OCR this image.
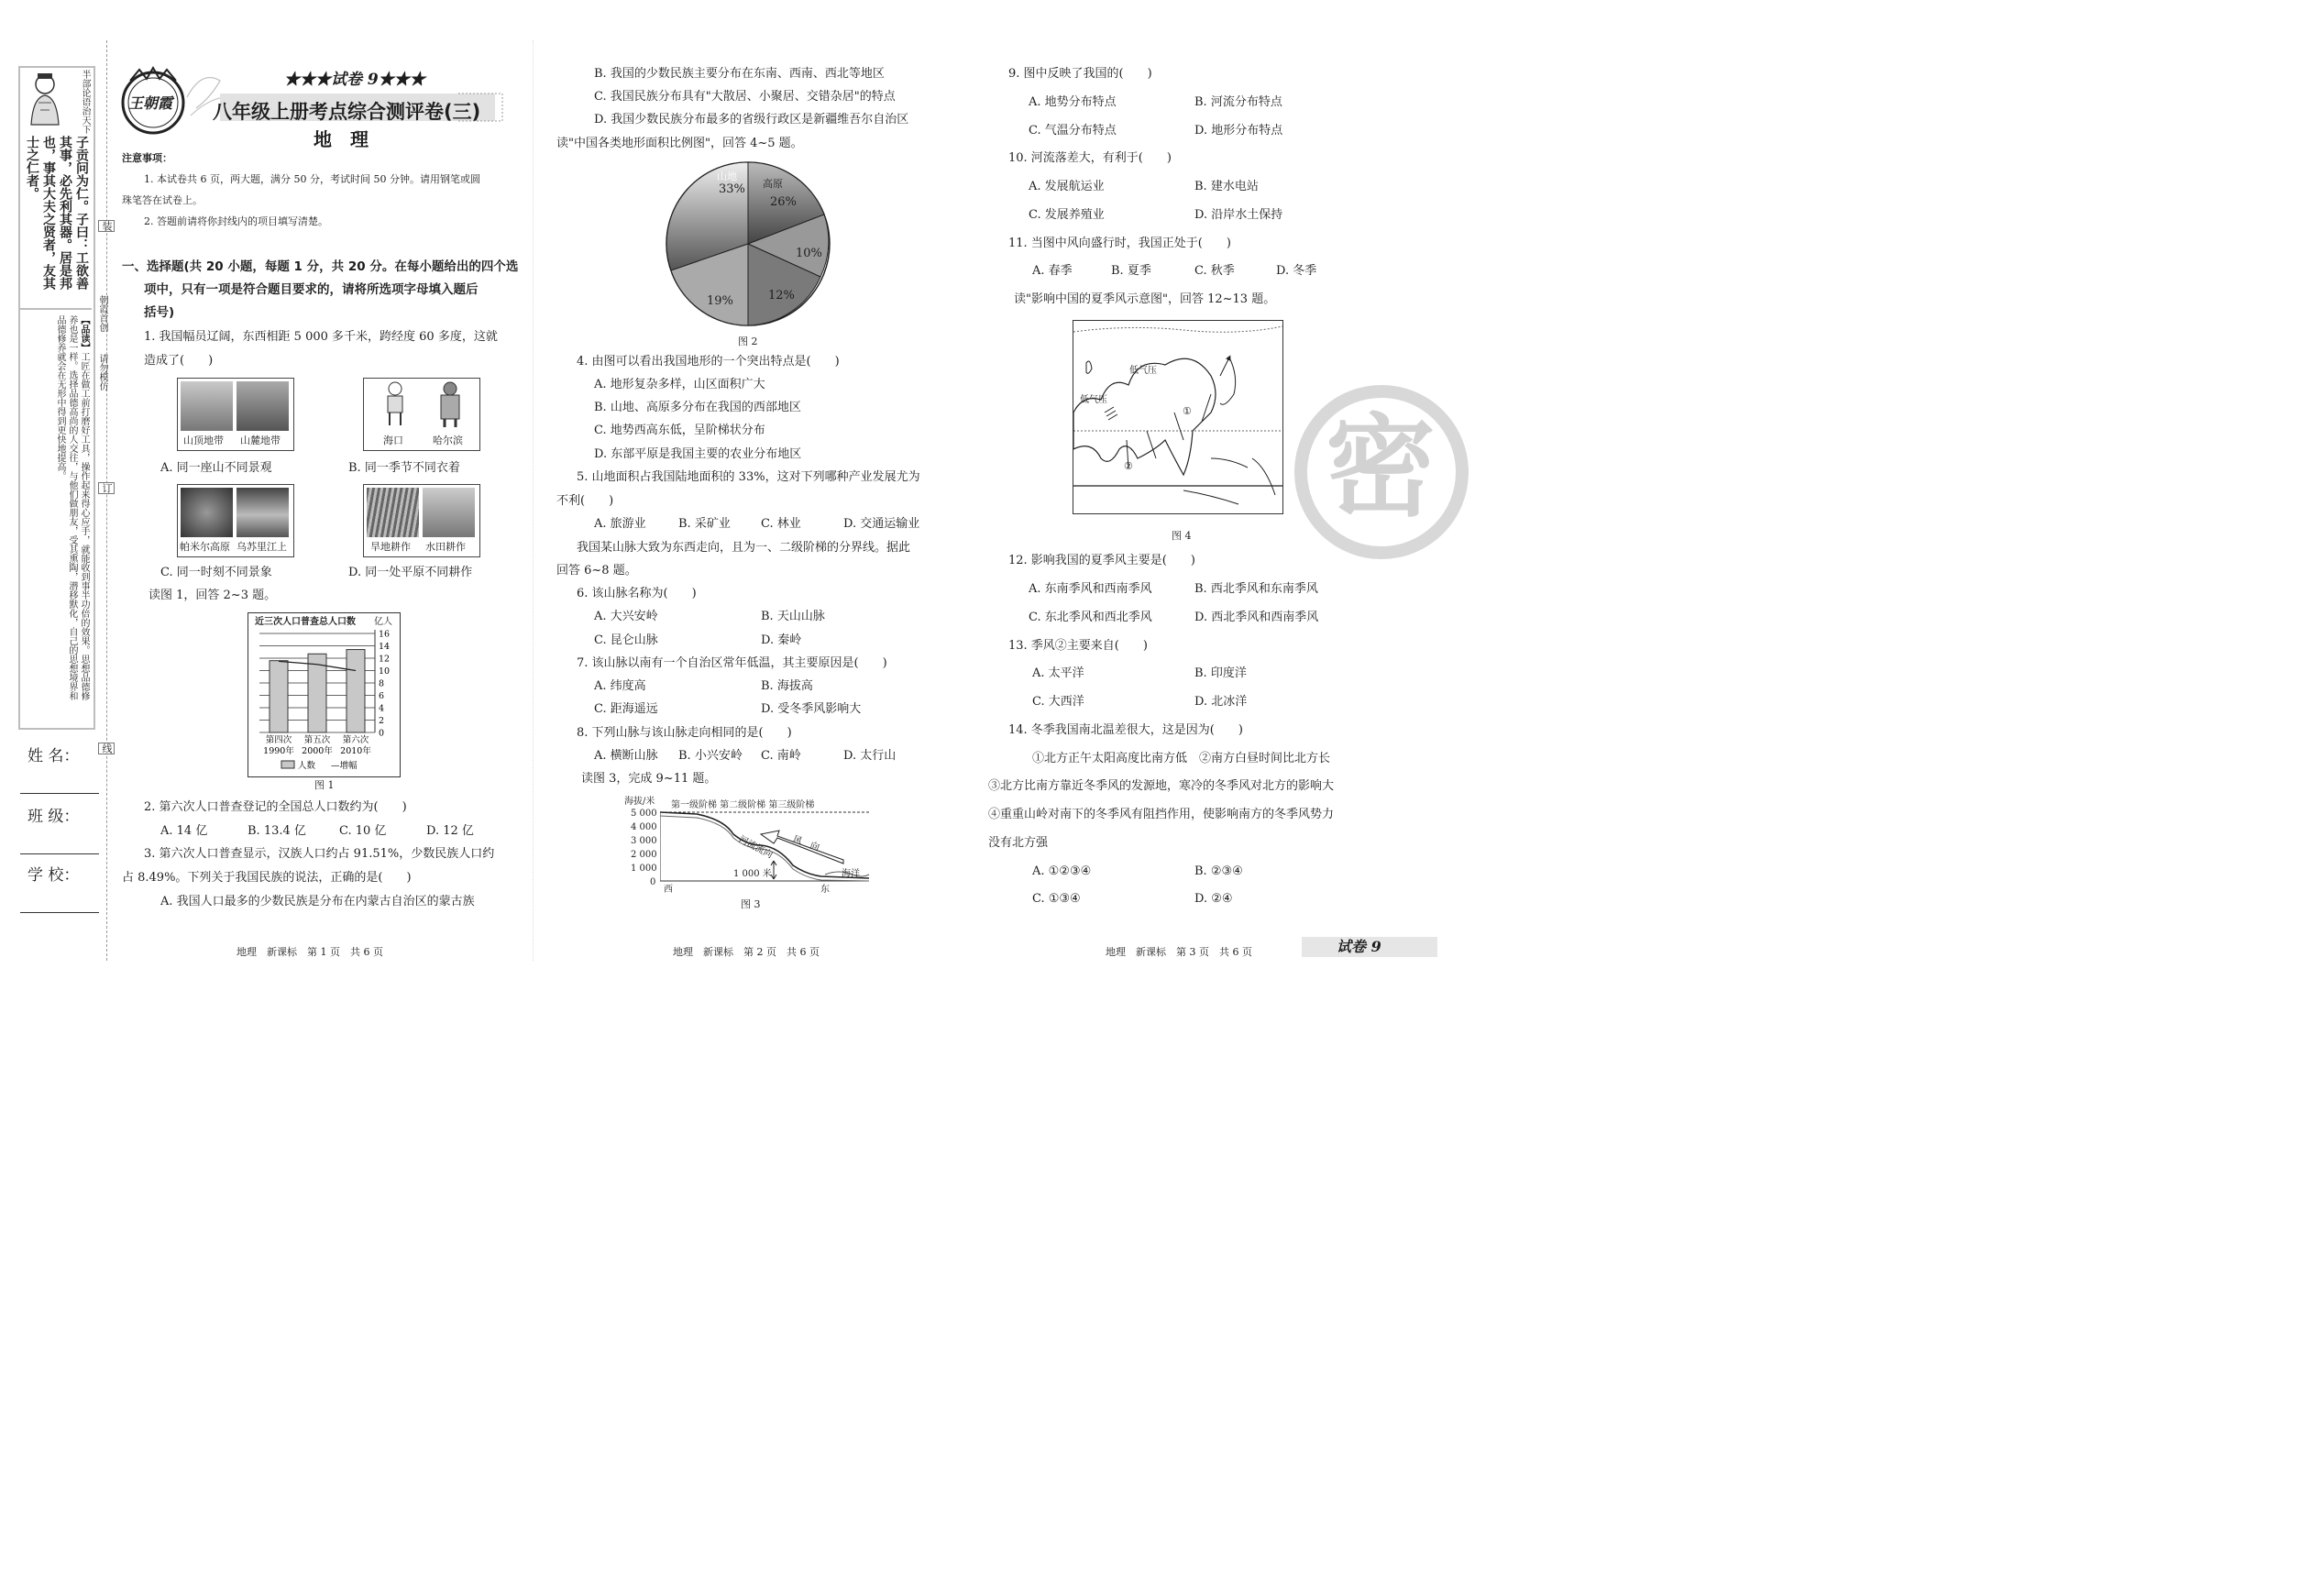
半部论语治天下
子贡问为仁。子曰：工欲善其事，必先利其器。居是邦也，事其大夫之贤者，友其士之仁者。
【品读】工匠在做工前打磨好工具，操作起来得心应手，就能收到事半功倍的效果。思想品德修养也是一样。选择品德高尚的人交往，与他们做朋友，受其熏陶，潜移默化，自己的思想境界和品德修养就会在无形中得到更快地提高。
姓 名：
班 级：
学 校：
装
朝霞首创
请勿模仿
订
线
王朝霞
★★★试卷 9★★★
八年级上册考点综合测评卷(三)
地　理
注意事项：
1. 本试卷共 6 页，两大题，满分 50 分，考试时间 50 分钟。请用钢笔或圆
珠笔答在试卷上。
2. 答题前请将你封线内的项目填写清楚。
一、选择题(共 20 小题，每题 1 分，共 20 分。在每小题给出的四个选
项中，只有一项是符合题目要求的，请将所选项字母填入题后
括号)
1. 我国幅员辽阔，东西相距 5 000 多千米，跨经度 60 多度，这就
造成了(　　)
山顶地带 山麓地带	海口	哈尔滨
A. 同一座山不同景观	B. 同一季节不同衣着
帕米尔高原 乌苏里江上	旱地耕作 水田耕作
C. 同一时刻不同景象	D. 同一处平原不同耕作
读图 1，回答 2~3 题。
16
14
12
10
8
6
4
2
0
第四次
1990年
第五次
2000年
第六次
2010年
人数 —增幅
近三次人口普查总人口数 亿人
图 1
2. 第六次人口普查登记的全国总人口数约为(　　)
A. 14 亿	B. 13.4 亿	C. 10 亿	D. 12 亿
3. 第六次人口普查显示，汉族人口约占 91.51%，少数民族人口约
占 8.49%。下列关于我国民族的说法，正确的是(　　)
A. 我国人口最多的少数民族是分布在内蒙古自治区的蒙古族
地理　新课标　第 1 页　共 6 页
B. 我国的少数民族主要分布在东南、西南、西北等地区
C. 我国民族分布具有"大散居、小聚居、交错杂居"的特点
D. 我国少数民族分布最多的省级行政区是新疆维吾尔自治区
读"中国各类地形面积比例图"，回答 4~5 题。
山地
33% 高原
26%
10%
12%
19%
图 2
4. 由图可以看出我国地形的一个突出特点是(　　)
A. 地形复杂多样，山区面积广大
B. 山地、高原多分布在我国的西部地区
C. 地势西高东低，呈阶梯状分布
D. 东部平原是我国主要的农业分布地区
5. 山地面积占我国陆地面积的 33%，这对下列哪种产业发展尤为
不利(　　)
A. 旅游业	B. 采矿业	C. 林业	D. 交通运输业
我国某山脉大致为东西走向，且为一、二级阶梯的分界线。据此
回答 6~8 题。
6. 该山脉名称为(　　)
A. 大兴安岭	B. 天山山脉
C. 昆仑山脉	D. 秦岭
7. 该山脉以南有一个自治区常年低温，其主要原因是(　　)
A. 纬度高	B. 海拔高
C. 距海遥远	D. 受冬季风影响大
8. 下列山脉与该山脉走向相同的是(　　)
A. 横断山脉 B. 小兴安岭 C. 南岭	D. 太行山
读图 3，完成 9~11 题。
海拔/米 第一级阶梯 第二级阶梯 第三级阶梯
5 000
4 000
3 000
2 000
1 000
0
河流流向 风　向
1 000 米	海洋
西	东
图 3
地理　新课标　第 2 页　共 6 页
9. 图中反映了我国的(　　)
A. 地势分布特点	B. 河流分布特点
C. 气温分布特点	D. 地形分布特点
10. 河流落差大，有利于(　　)
A. 发展航运业	B. 建水电站
C. 发展养殖业	D. 沿岸水土保持
11. 当图中风向盛行时，我国正处于(　　)
A. 春季	B. 夏季	C. 秋季	D. 冬季
读"影响中国的夏季风示意图"，回答 12~13 题。
低气压
低气压
①
②
图 4
12. 影响我国的夏季风主要是(　　)
A. 东南季风和西南季风	B. 西北季风和东南季风
C. 东北季风和西北季风	D. 西北季风和西南季风
13. 季风②主要来自(　　)
A. 太平洋	B. 印度洋
C. 大西洋	D. 北冰洋
14. 冬季我国南北温差很大，这是因为(　　)
①北方正午太阳高度比南方低　②南方白昼时间比北方长
③北方比南方靠近冬季风的发源地，寒冷的冬季风对北方的影响大
④重重山岭对南下的冬季风有阻挡作用，使影响南方的冬季风势力
没有北方强
A. ①②③④	B. ②③④
C. ①③④	D. ②④
密
地理　新课标　第 3 页　共 6 页	试卷 9
